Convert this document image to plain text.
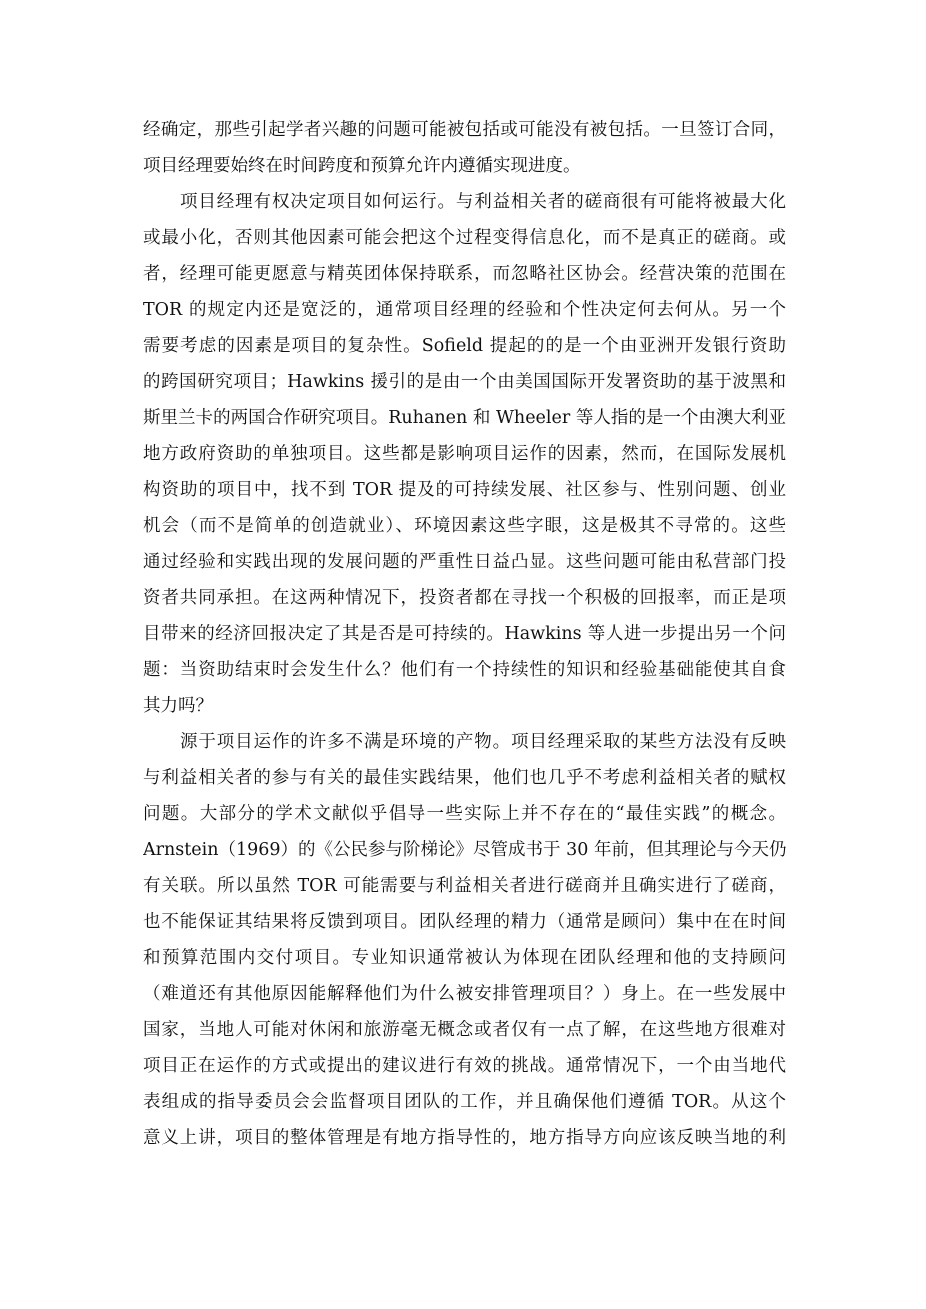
经确定，那些引起学者兴趣的问题可能被包括或可能没有被包括。一旦签订合同，
项目经理要始终在时间跨度和预算允许内遵循实现进度。
项目经理有权决定项目如何运行。与利益相关者的磋商很有可能将被最大化
或最小化，否则其他因素可能会把这个过程变得信息化，而不是真正的磋商。或
者，经理可能更愿意与精英团体保持联系，而忽略社区协会。经营决策的范围在
TOR 的规定内还是宽泛的，通常项目经理的经验和个性决定何去何从。另一个
需要考虑的因素是项目的复杂性。Sofield 提起的的是一个由亚洲开发银行资助
的跨国研究项目；Hawkins 援引的是由一个由美国国际开发署资助的基于波黑和
斯里兰卡的两国合作研究项目。Ruhanen 和 Wheeler 等人指的是一个由澳大利亚
地方政府资助的单独项目。这些都是影响项目运作的因素，然而，在国际发展机
构资助的项目中，找不到 TOR 提及的可持续发展、社区参与、性别问题、创业
机会（而不是简单的创造就业）、环境因素这些字眼，这是极其不寻常的。这些
通过经验和实践出现的发展问题的严重性日益凸显。这些问题可能由私营部门投
资者共同承担。在这两种情况下，投资者都在寻找一个积极的回报率，而正是项
目带来的经济回报决定了其是否是可持续的。Hawkins 等人进一步提出另一个问
题：当资助结束时会发生什么？他们有一个持续性的知识和经验基础能使其自食
其力吗？
源于项目运作的许多不满是环境的产物。项目经理采取的某些方法没有反映
与利益相关者的参与有关的最佳实践结果，他们也几乎不考虑利益相关者的赋权
问题。大部分的学术文献似乎倡导一些实际上并不存在的“最佳实践”的概念。
Arnstein（1969）的《公民参与阶梯论》尽管成书于 30 年前，但其理论与今天仍
有关联。所以虽然 TOR 可能需要与利益相关者进行磋商并且确实进行了磋商，
也不能保证其结果将反馈到项目。团队经理的精力（通常是顾问）集中在在时间
和预算范围内交付项目。专业知识通常被认为体现在团队经理和他的支持顾问
（难道还有其他原因能解释他们为什么被安排管理项目？）身上。在一些发展中
国家，当地人可能对休闲和旅游毫无概念或者仅有一点了解，在这些地方很难对
项目正在运作的方式或提出的建议进行有效的挑战。通常情况下，一个由当地代
表组成的指导委员会会监督项目团队的工作，并且确保他们遵循 TOR。从这个
意义上讲，项目的整体管理是有地方指导性的，地方指导方向应该反映当地的利
